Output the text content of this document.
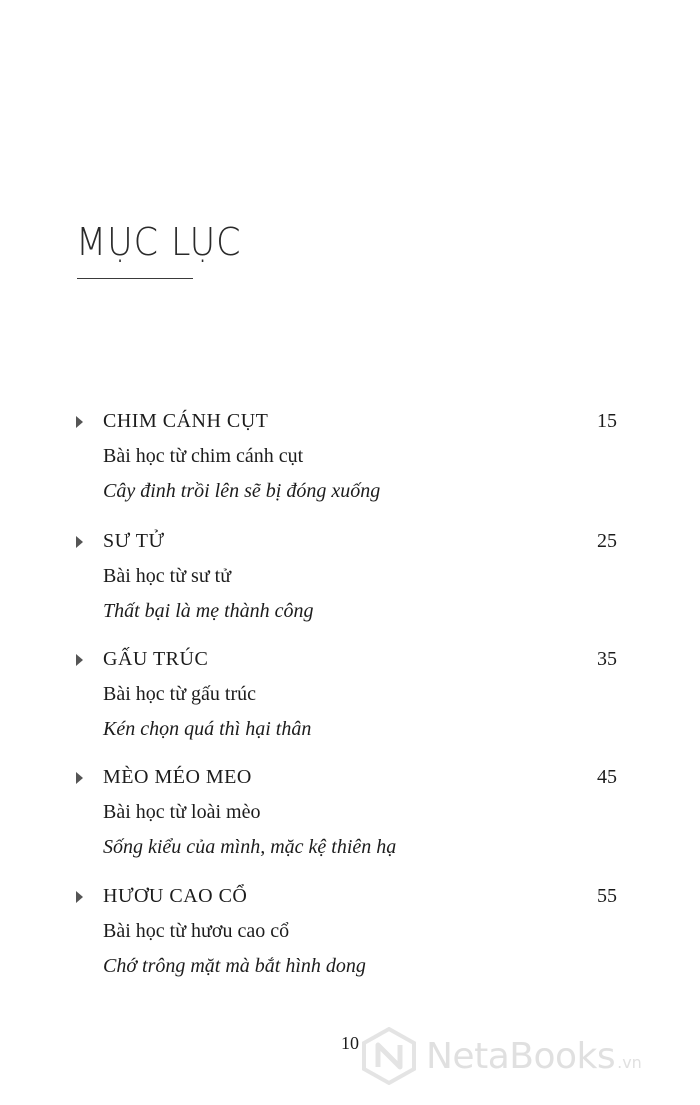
MỤC LỤC
CHIM CÁNH CỤT	15
Bài học từ chim cánh cụt
Cây đinh trồi lên sẽ bị đóng xuống
SƯ TỬ	25
Bài học từ sư tử
Thất bại là mẹ thành công
GẤU TRÚC	35
Bài học từ gấu trúc
Kén chọn quá thì hại thân
MÈO MÉO MEO	45
Bài học từ loài mèo
Sống kiểu của mình, mặc kệ thiên hạ
HƯƠU CAO CỔ	55
Bài học từ hươu cao cổ
Chớ trông mặt mà bắt hình dong
10	NetaBooks .vn
